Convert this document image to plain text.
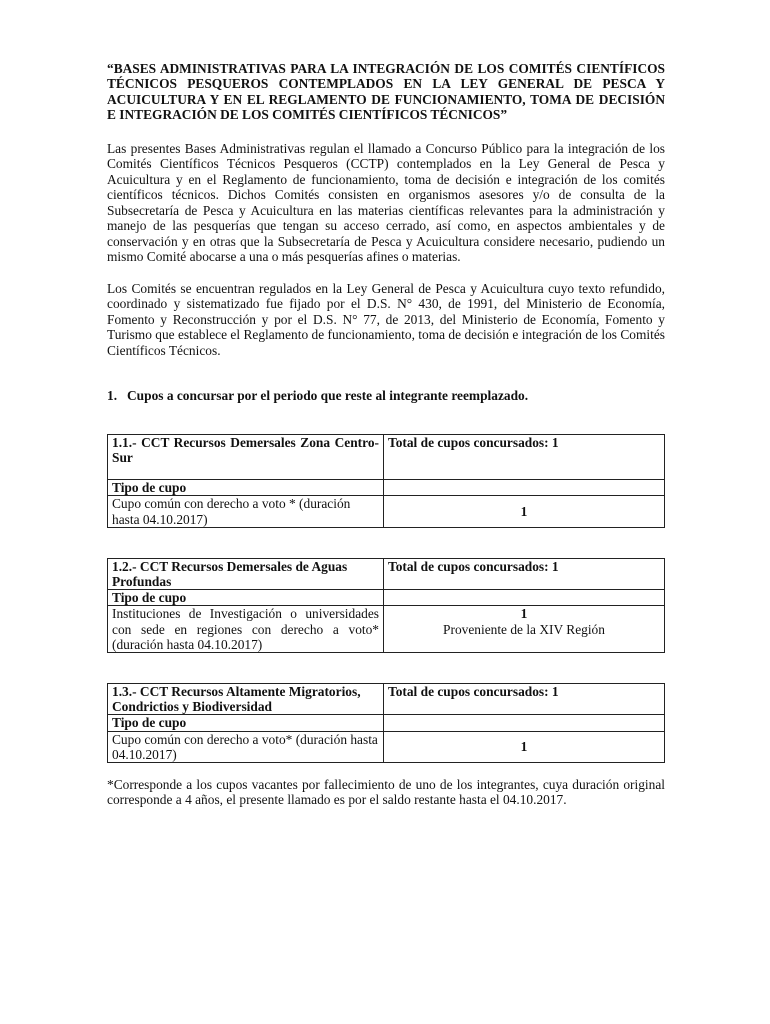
“BASES ADMINISTRATIVAS PARA LA INTEGRACIÓN DE LOS COMITÉS CIENTÍFICOS TÉCNICOS PESQUEROS CONTEMPLADOS EN LA LEY GENERAL DE PESCA Y ACUICULTURA Y EN EL REGLAMENTO DE FUNCIONAMIENTO, TOMA DE DECISIÓN E INTEGRACIÓN DE LOS COMITÉS CIENTÍFICOS TÉCNICOS”

Las presentes Bases Administrativas regulan el llamado a Concurso Público para la integración de los Comités Científicos Técnicos Pesqueros (CCTP) contemplados en la Ley General de Pesca y Acuicultura y en el Reglamento de funcionamiento, toma de decisión e integración de los comités científicos técnicos. Dichos Comités consisten en organismos asesores y/o de consulta de la Subsecretaría de Pesca y Acuicultura en las materias científicas relevantes para la administración y manejo de las pesquerías que tengan su acceso cerrado, así como, en aspectos ambientales y de conservación y en otras que la Subsecretaría de Pesca y Acuicultura considere necesario, pudiendo un mismo Comité abocarse a una o más pesquerías afines o materias.

Los Comités se encuentran regulados en la Ley General de Pesca y Acuicultura cuyo texto refundido, coordinado y sistematizado fue fijado por el D.S. N° 430, de 1991, del Ministerio de Economía, Fomento y Reconstrucción y por el D.S. N° 77, de 2013, del Ministerio de Economía, Fomento y Turismo que establece el Reglamento de funcionamiento, toma de decisión e integración de los Comités Científicos Técnicos.

1. Cupos a concursar por el periodo que reste al integrante reemplazado.
1.1.- CCT Recursos Demersales Zona Centro-Sur	Total de cupos concursados: 1
Tipo de cupo	
Cupo común con derecho a voto * (duración hasta 04.10.2017)	1
1.2.- CCT Recursos Demersales de Aguas Profundas	Total de cupos concursados: 1
Tipo de cupo	
Instituciones de Investigación o universidades con sede en regiones con derecho a voto* (duración hasta 04.10.2017)	1
Proveniente de la XIV Región
1.3.- CCT Recursos Altamente Migratorios, Condrictios y Biodiversidad	Total de cupos concursados: 1
Tipo de cupo	
Cupo común con derecho a voto* (duración hasta 04.10.2017)	1

*Corresponde a los cupos vacantes por fallecimiento de uno de los integrantes, cuya duración original corresponde a 4 años, el presente llamado es por el saldo restante hasta el 04.10.2017.
